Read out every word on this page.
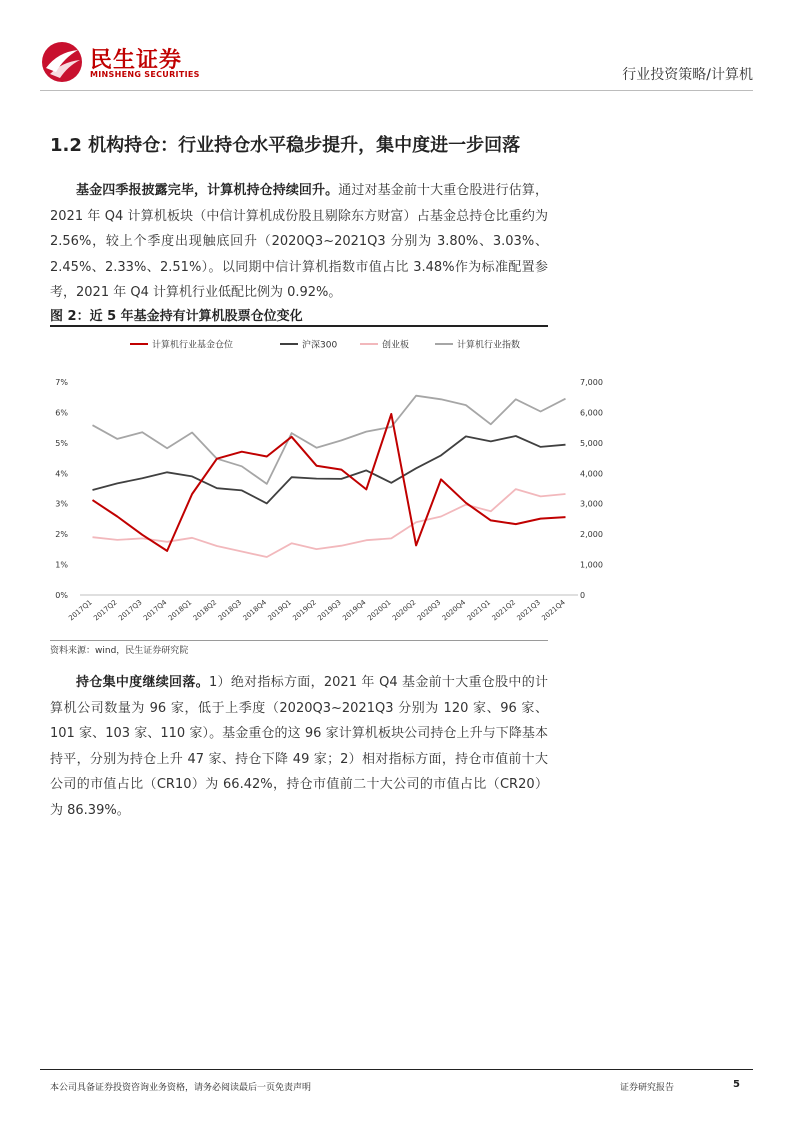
民生证券
MINSHENG SECURITIES	行业投资策略/计算机
1.2 机构持仓：行业持仓水平稳步提升，集中度进一步回落

基金四季报披露完毕，计算机持仓持续回升。通过对基金前十大重仓股进行估算，2021 年 Q4 计算机板块（中信计算机成份股且剔除东方财富）占基金总持仓比重约为 2.56%，较上个季度出现触底回升（2020Q3~2021Q3 分别为 3.80%、3.03%、2.45%、2.33%、2.51%）。以同期中信计算机指数市值占比 3.48%作为标准配置参考，2021 年 Q4 计算机行业低配比例为 0.92%。

图 2：近 5 年基金持有计算机股票仓位变化
0%
1%
2%
3%
4%
5%
6%
7%
0
1,000
2,000
3,000
4,000
5,000
6,000
7,000
2017Q1
2017Q2
2017Q3
2017Q4
2018Q1
2018Q2
2018Q3
2018Q4
2019Q1
2019Q2
2019Q3
2019Q4
2020Q1
2020Q2
2020Q3
2020Q4
2021Q1
2021Q2
2021Q3
2021Q4
计算机行业基金仓位	沪深300	创业板	计算机行业指数
资料来源：wind，民生证券研究院

持仓集中度继续回落。1）绝对指标方面，2021 年 Q4 基金前十大重仓股中的计算机公司数量为 96 家，低于上季度（2020Q3~2021Q3 分别为 120 家、96 家、101 家、103 家、110 家）。基金重仓的这 96 家计算机板块公司持仓上升与下降基本持平，分别为持仓上升 47 家、持仓下降 49 家；2）相对指标方面，持仓市值前十大公司的市值占比（CR10）为 66.42%，持仓市值前二十大公司的市值占比（CR20）为 86.39%。

本公司具备证券投资咨询业务资格，请务必阅读最后一页免责声明	证券研究报告	5
